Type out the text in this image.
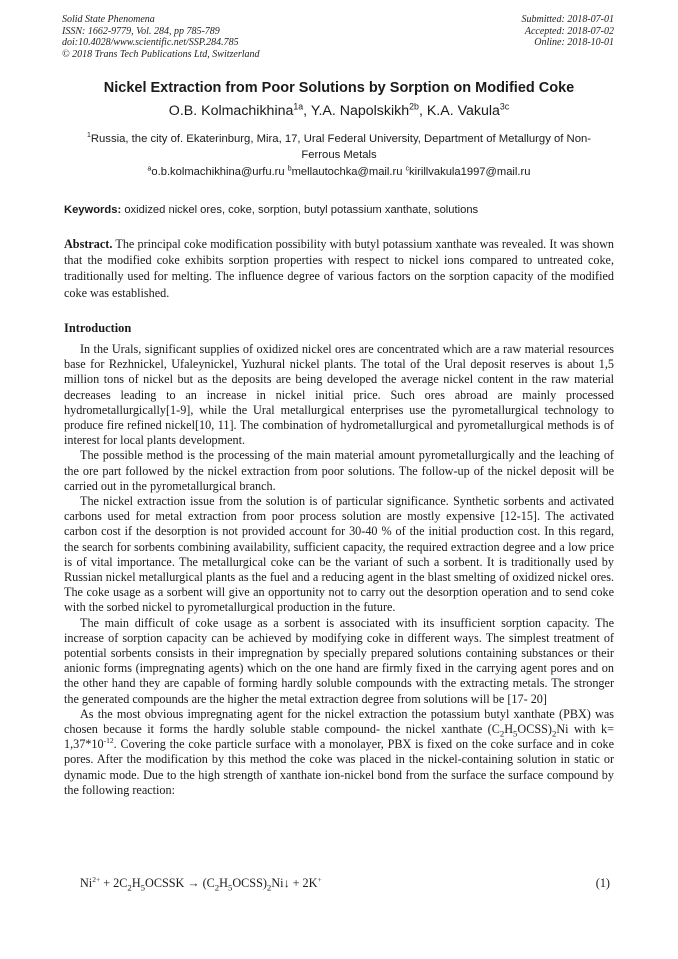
Solid State Phenomena
ISSN: 1662-9779, Vol. 284, pp 785-789
doi:10.4028/www.scientific.net/SSP.284.785
© 2018 Trans Tech Publications Ltd, Switzerland
Submitted: 2018-07-01
Accepted: 2018-07-02
Online: 2018-10-01
Nickel Extraction from Poor Solutions by Sorption on Modified Coke
O.B. Kolmachikhina$^{1a}$, Y.A. Napolskikh$^{2b}$, K.A. Vakula$^{3c}$
$^1$Russia, the city of. Ekaterinburg, Mira, 17, Ural Federal University, Department of Metallurgy of Non-Ferrous Metals
$^a$o.b.kolmachikhina@urfu.ru $^b$mellautochka@mail.ru $^c$kirillvakula1997@mail.ru
Keywords: oxidized nickel ores, coke, sorption, butyl potassium xanthate, solutions
Abstract. The principal coke modification possibility with butyl potassium xanthate was revealed. It was shown that the modified coke exhibits sorption properties with respect to nickel ions compared to untreated coke, traditionally used for melting. The influence degree of various factors on the sorption capacity of the modified coke was established.
Introduction

In the Urals, significant supplies of oxidized nickel ores are concentrated which are a raw material resources base for Rezhnickel, Ufaleynickel, Yuzhural nickel plants. The total of the Ural deposit reserves is about 1,5 million tons of nickel but as the deposits are being developed the average nickel content in the raw material decreases leading to an increase in nickel initial price. Such ores abroad are mainly processed hydrometallurgically[1-9], while the Ural metallurgical enterprises use the pyrometallurgical technology to produce fire refined nickel[10, 11]. The combination of hydrometallurgical and pyrometallurgical methods is of interest for local plants development.

The possible method is the processing of the main material amount pyrometallurgically and the leaching of the ore part followed by the nickel extraction from poor solutions. The follow-up of the nickel deposit will be carried out in the pyrometallurgical branch.

The nickel extraction issue from the solution is of particular significance. Synthetic sorbents and activated carbons used for metal extraction from poor process solution are mostly expensive [12-15]. The activated carbon cost if the desorption is not provided account for 30-40 % of the initial production cost. In this regard, the search for sorbents combining availability, sufficient capacity, the required extraction degree and a low price is of vital importance. The metallurgical coke can be the variant of such a sorbent. It is traditionally used by Russian nickel metallurgical plants as the fuel and a reducing agent in the blast smelting of oxidized nickel ores. The coke usage as a sorbent will give an opportunity not to carry out the desorption operation and to send coke with the sorbed nickel to pyrometallurgical production in the future.

The main difficult of coke usage as a sorbent is associated with its insufficient sorption capacity. The increase of sorption capacity can be achieved by modifying coke in different ways. The simplest treatment of potential sorbents consists in their impregnation by specially prepared solutions containing substances or their anionic forms (impregnating agents) which on the one hand are firmly fixed in the carrying agent pores and on the other hand they are capable of forming hardly soluble compounds with the extracting metals. The stronger the generated compounds are the higher the metal extraction degree from solutions will be [17- 20]

As the most obvious impregnating agent for the nickel extraction the potassium butyl xanthate (PBX) was chosen because it forms the hardly soluble stable compound- the nickel xanthate $(C_2H_5OCSS)_2Ni$ with $k= 1,37*10^{-12}$. Covering the coke particle surface with a monolayer, PBX is fixed on the coke surface and in coke pores. After the modification by this method the coke was placed in the nickel-containing solution in static or dynamic mode. Due to the high strength of xanthate ion-nickel bond from the surface the surface compound by the following reaction:

$Ni^{2+}$ + $2C_2H_5OCSSK$ → $(C_2H_5OCSS)_2Ni↓ + 2K^+$	(1)
